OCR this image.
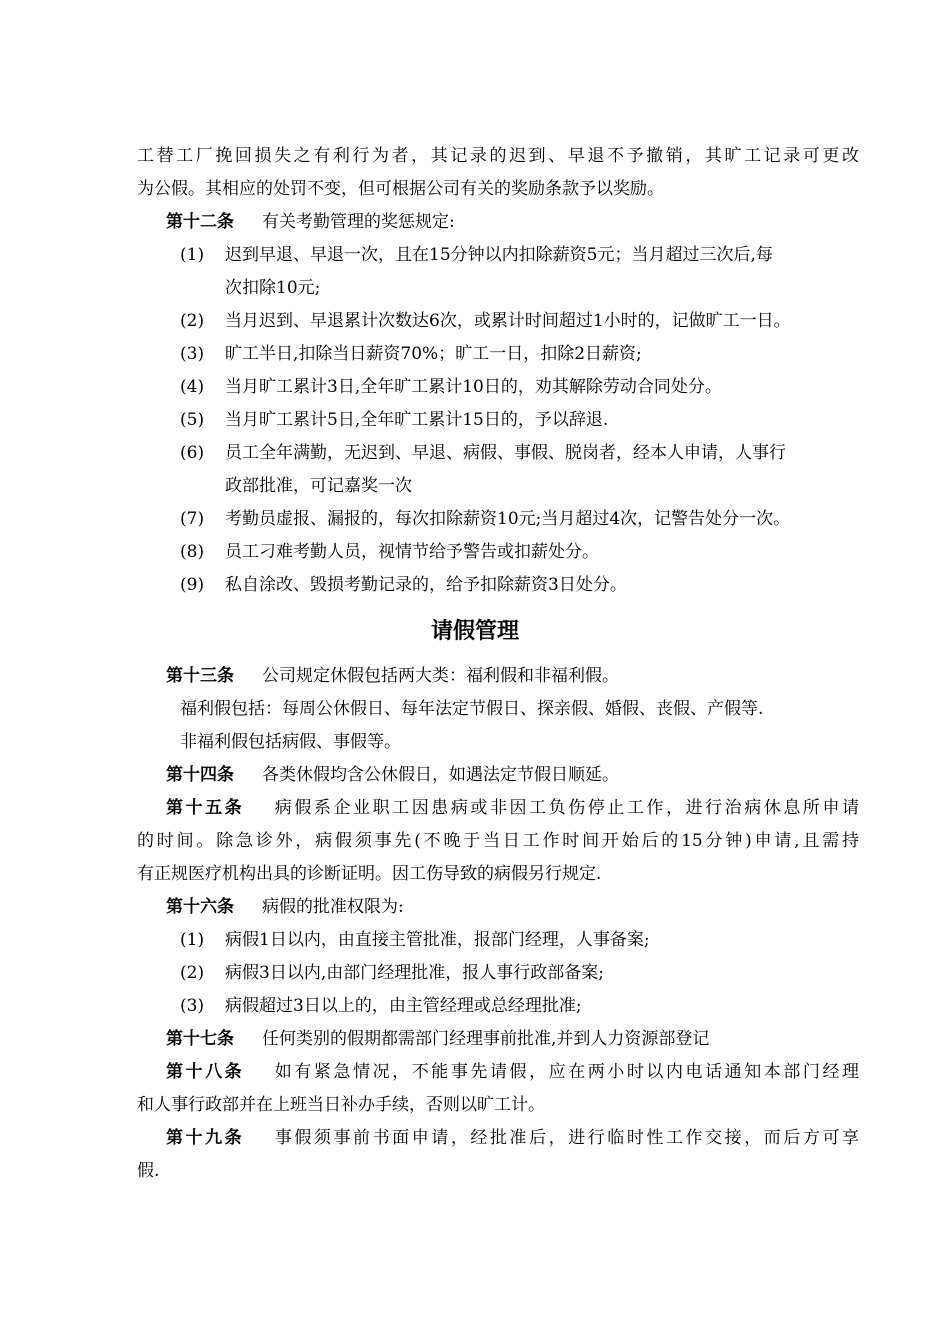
工替工厂挽回损失之有利行为者，其记录的迟到、早退不予撤销，其旷工记录可更改
为公假。其相应的处罚不变，但可根据公司有关的奖励条款予以奖励。
第十二条 有关考勤管理的奖惩规定:
(1) 迟到早退、早退一次，且在15分钟以内扣除薪资5元；当月超过三次后,每
次扣除10元;
(2) 当月迟到、早退累计次数达6次，或累计时间超过1小时的，记做旷工一日。
(3) 旷工半日,扣除当日薪资70%；旷工一日，扣除2日薪资;
(4) 当月旷工累计3日,全年旷工累计10日的，劝其解除劳动合同处分。
(5) 当月旷工累计5日,全年旷工累计15日的，予以辞退.
(6) 员工全年满勤，无迟到、早退、病假、事假、脱岗者，经本人申请，人事行
政部批准，可记嘉奖一次
(7) 考勤员虚报、漏报的，每次扣除薪资10元;当月超过4次，记警告处分一次。
(8) 员工刁难考勤人员，视情节给予警告或扣薪处分。
(9) 私自涂改、毁损考勤记录的，给予扣除薪资3日处分。
请假管理
第十三条 公司规定休假包括两大类：福利假和非福利假。
福利假包括：每周公休假日、每年法定节假日、探亲假、婚假、丧假、产假等.
非福利假包括病假、事假等。
第十四条 各类休假均含公休假日，如遇法定节假日顺延。
第十五条 病假系企业职工因患病或非因工负伤停止工作，进行治病休息所申请
的时间。除急诊外，病假须事先(不晚于当日工作时间开始后的15分钟)申请,且需持
有正规医疗机构出具的诊断证明。因工伤导致的病假另行规定.
第十六条 病假的批准权限为:
(1) 病假1日以内，由直接主管批准，报部门经理，人事备案;
(2) 病假3日以内,由部门经理批准，报人事行政部备案;
(3) 病假超过3日以上的，由主管经理或总经理批准;
第十七条 任何类别的假期都需部门经理事前批准,并到人力资源部登记
第十八条 如有紧急情况，不能事先请假，应在两小时以内电话通知本部门经理
和人事行政部并在上班当日补办手续，否则以旷工计。
第十九条 事假须事前书面申请，经批准后，进行临时性工作交接，而后方可享
假.
